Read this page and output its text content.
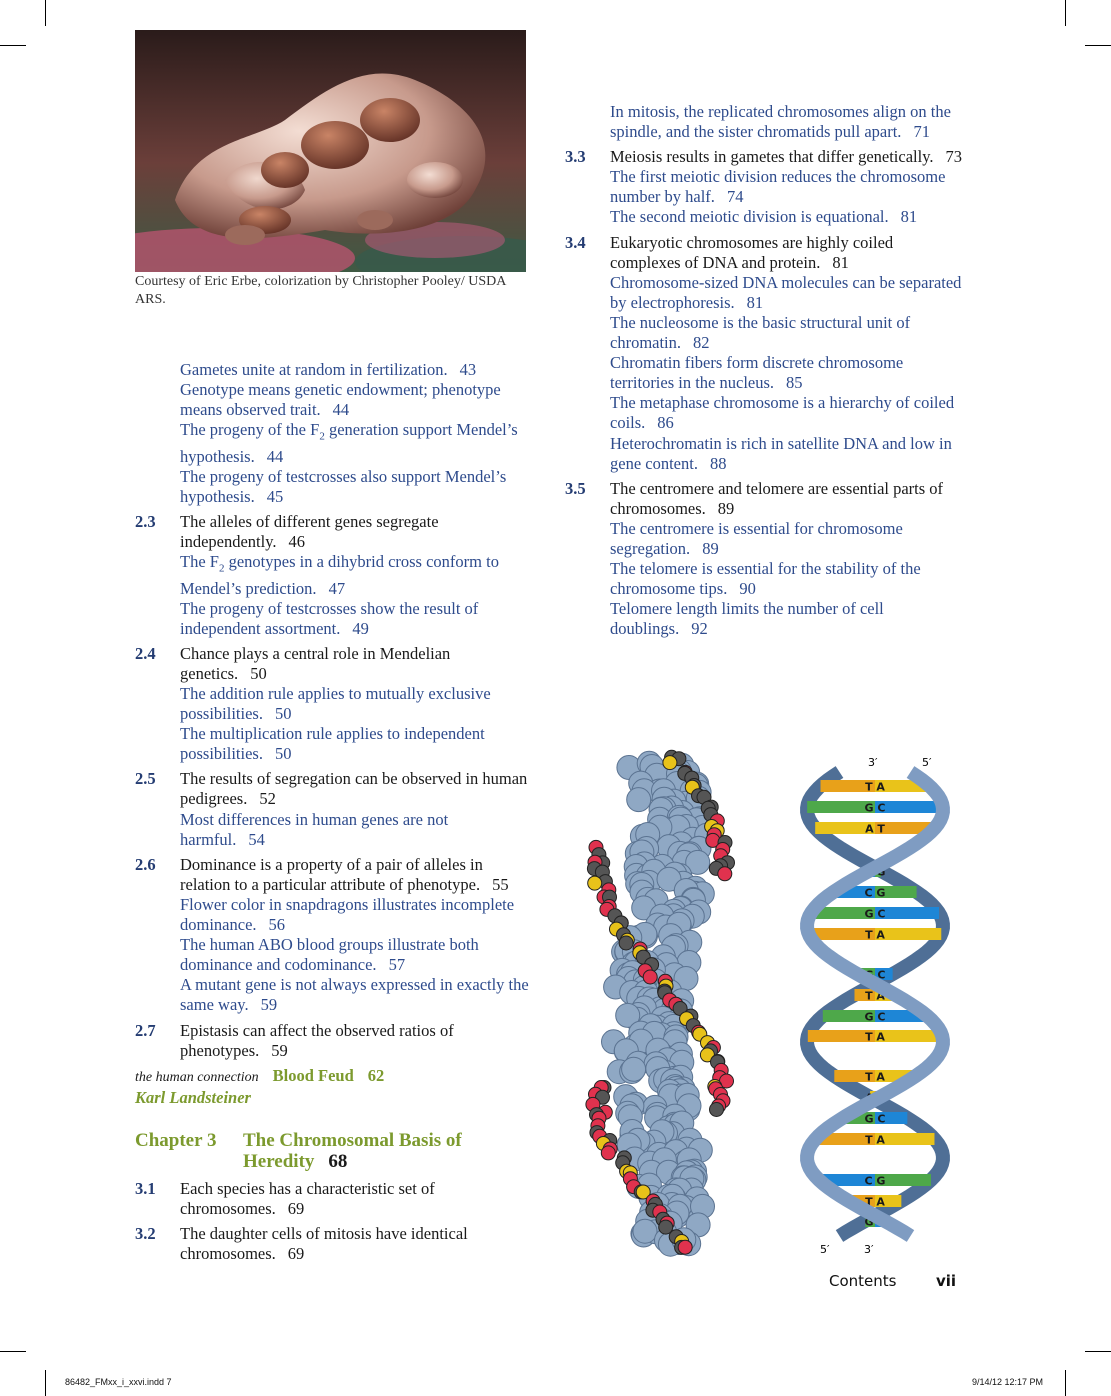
Courtesy of Eric Erbe, colorization by Christopher Pooley/ USDA ARS.
Gametes unite at random in fertilization. 43
Genotype means genetic endowment; phenotype means observed trait. 44
The progeny of the $F_2$ generation support Mendel’s hypothesis. 44
The progeny of testcrosses also support Mendel’s hypothesis. 45
2.3 The alleles of different genes segregate independently. 46
The $F_2$ genotypes in a dihybrid cross conform to Mendel’s prediction. 47
The progeny of testcrosses show the result of independent assortment. 49
2.4 Chance plays a central role in Mendelian genetics. 50
The addition rule applies to mutually exclusive possibilities. 50
The multiplication rule applies to independent possibilities. 50
2.5 The results of segregation can be observed in human pedigrees. 52
Most differences in human genes are not harmful. 54
2.6 Dominance is a property of a pair of alleles in relation to a particular attribute of phenotype. 55
Flower color in snapdragons illustrates incomplete dominance. 56
The human ABO blood groups illustrate both dominance and codominance. 57
A mutant gene is not always expressed in exactly the same way. 59
2.7 Epistasis can affect the observed ratios of phenotypes. 59
the human connection Blood Feud 62
Karl Landsteiner
Chapter 3 The Chromosomal Basis of Heredity 68
3.1 Each species has a characteristic set of chromosomes. 69
3.2 The daughter cells of mitosis have identical chromosomes. 69
In mitosis, the replicated chromosomes align on the spindle, and the sister chromatids pull apart. 71
3.3 Meiosis results in gametes that differ genetically. 73
The first meiotic division reduces the chromosome number by half. 74
The second meiotic division is equational. 81
3.4 Eukaryotic chromosomes are highly coiled complexes of DNA and protein. 81
Chromosome-sized DNA molecules can be separated by electrophoresis. 81
The nucleosome is the basic structural unit of chromatin. 82
Chromatin fibers form discrete chromosome territories in the nucleus. 85
The metaphase chromosome is a hierarchy of coiled coils. 86
Heterochromatin is rich in satellite DNA and low in gene content. 88
3.5 The centromere and telomere are essential parts of chromosomes. 89
The centromere is essential for chromosome segregation. 89
The telomere is essential for the stability of the chromosome tips. 90
Telomere length limits the number of cell doublings. 92
T A
G C
A T
C G
C G
G C
T A
G C
T A
G C
T A
T A
A T
G C
T A
C G
T A
G C
3′	5′
5′	3′
Contents	vii
86482_FMxx_i_xxvi.indd 7	9/14/12 12:17 PM
